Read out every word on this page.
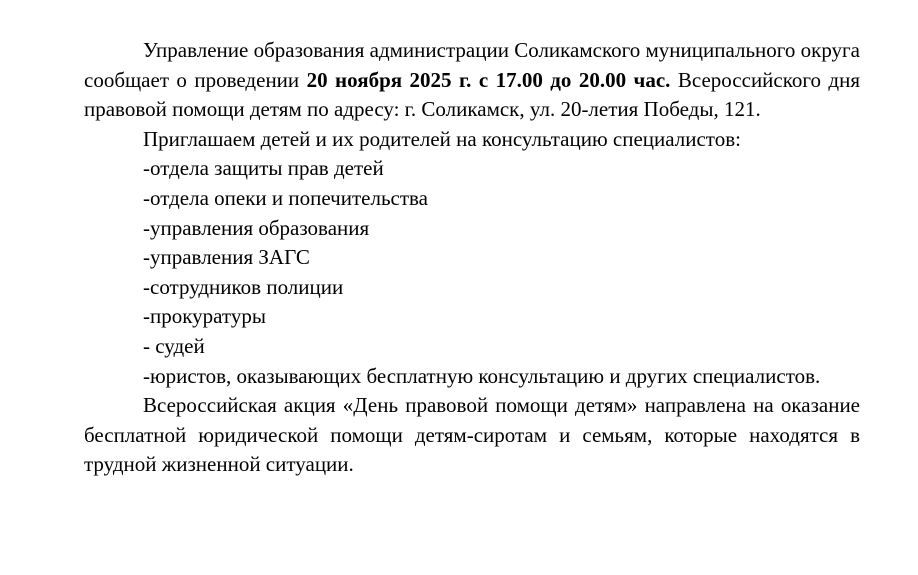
Управление образования администрации Соликамского муниципального округа сообщает о проведении 20 ноября 2025 г. с 17.00 до 20.00 час. Всероссийского дня правовой помощи детям по адресу: г. Соликамск, ул. 20-летия Победы, 121.

Приглашаем детей и их родителей на консультацию специалистов:

-отдела защиты прав детей

-отдела опеки и попечительства

-управления образования

-управления ЗАГС

-сотрудников полиции

-прокуратуры

- судей

-юристов, оказывающих бесплатную консультацию и других специалистов.

Всероссийская акция «День правовой помощи детям» направлена на оказание бесплатной юридической помощи детям-сиротам и семьям, которые находятся в трудной жизненной ситуации.
